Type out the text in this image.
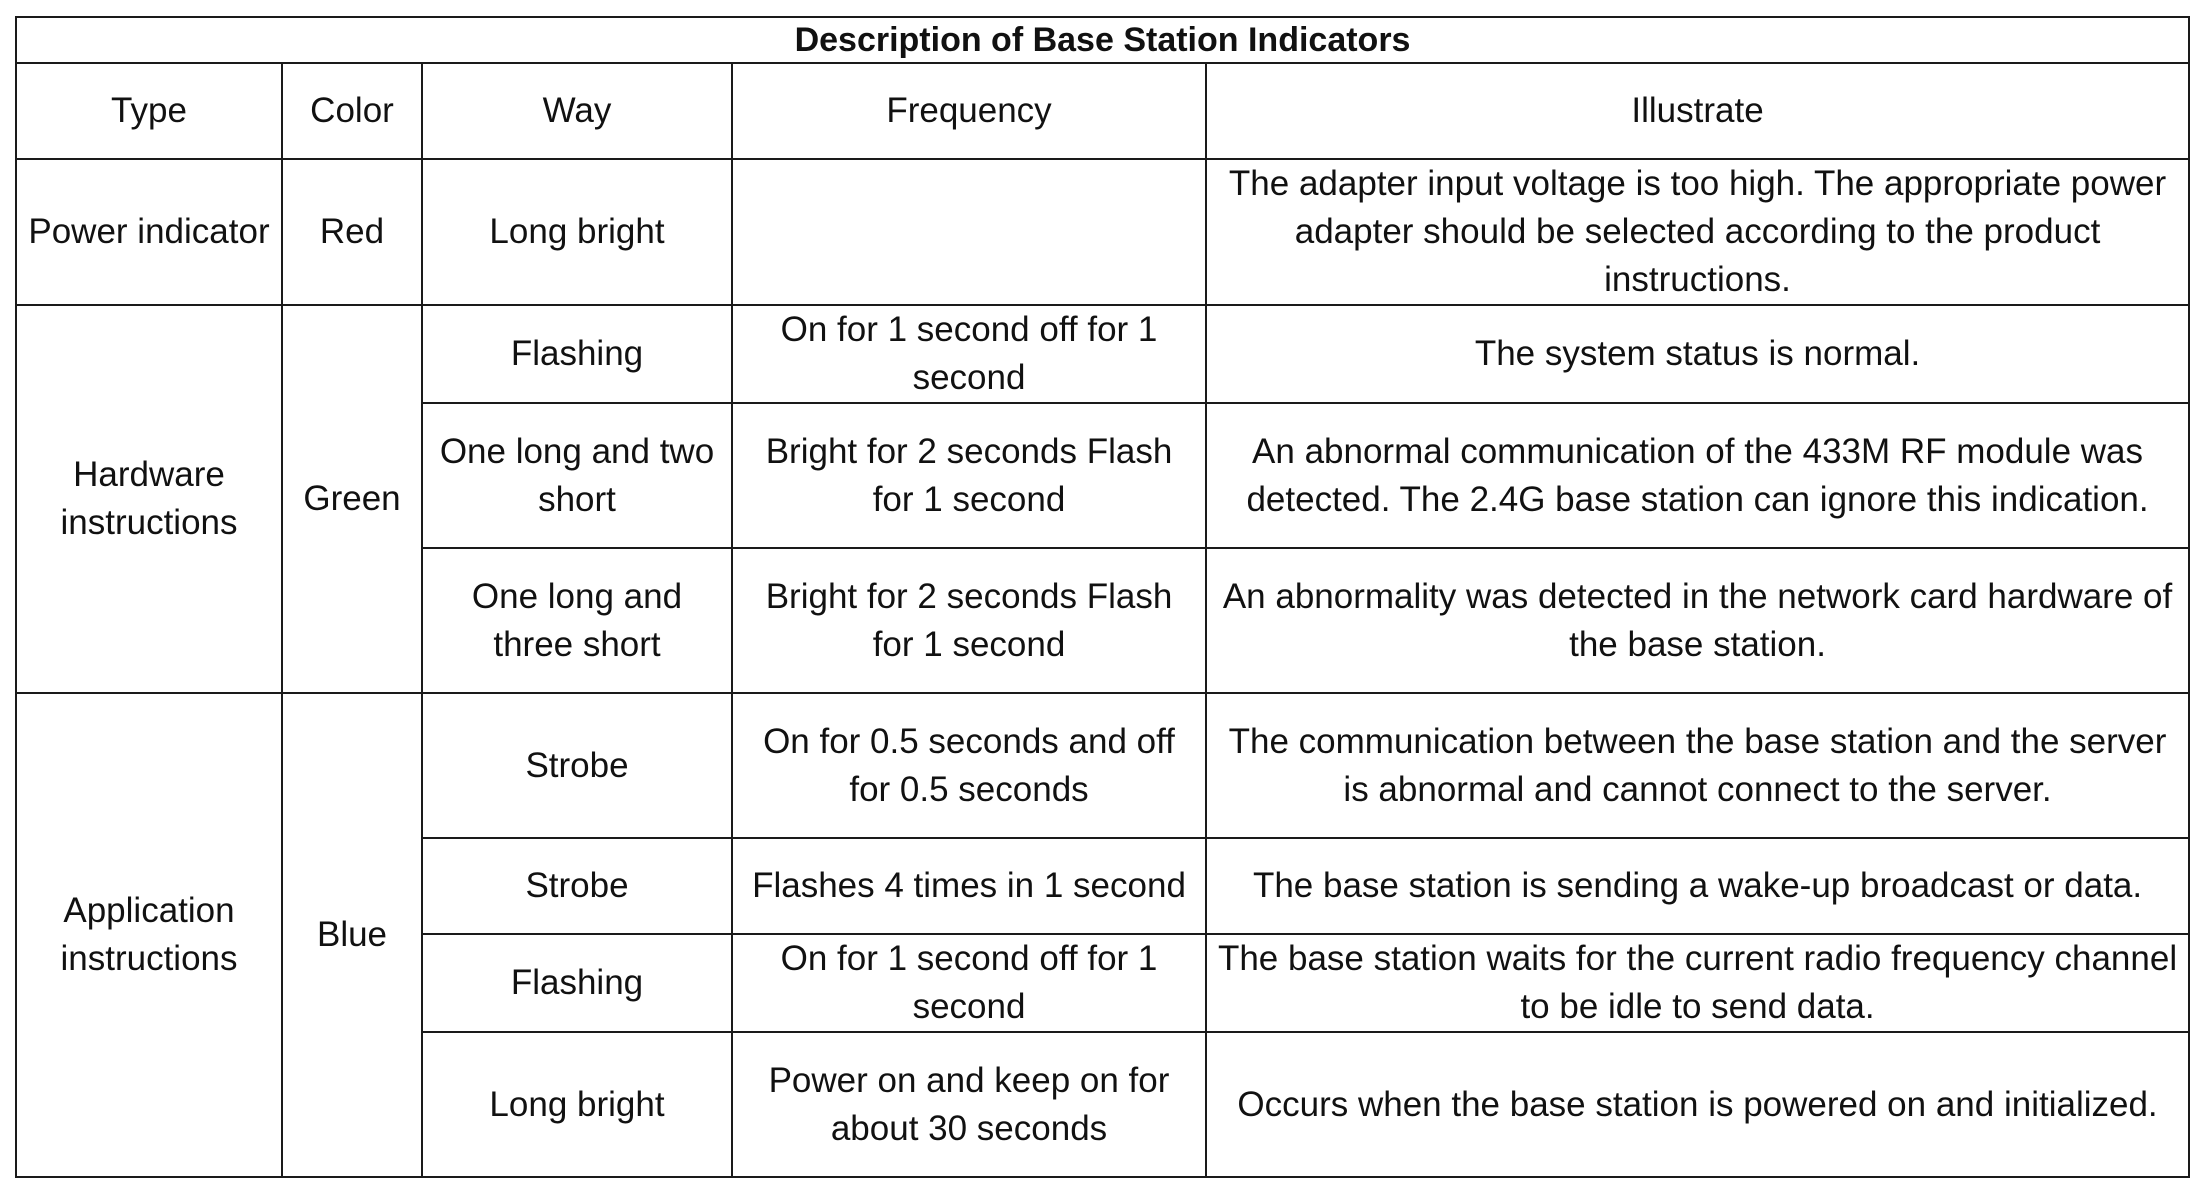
Description of Base Station Indicators				
Type	Color	Way	Frequency	Illustrate
Power indicator	Red	Long bright		The adapter input voltage is too high. The appropriate power adapter should be selected according to the product instructions.
Hardware instructions	Green	Flashing	On for 1 second off for 1 second	The system status is normal.
		One long and two short	Bright for 2 seconds Flash for 1 second	An abnormal communication of the 433M RF module was detected. The 2.4G base station can ignore this indication.
		One long and three short	Bright for 2 seconds Flash for 1 second	An abnormality was detected in the network card hardware of the base station.
Application instructions	Blue	Strobe	On for 0.5 seconds and off for 0.5 seconds	The communication between the base station and the server is abnormal and cannot connect to the server.
		Strobe	Flashes 4 times in 1 second	The base station is sending a wake-up broadcast or data.
		Flashing	On for 1 second off for 1 second	The base station waits for the current radio frequency channel to be idle to send data.
		Long bright	Power on and keep on for about 30 seconds	Occurs when the base station is powered on and initialized.
